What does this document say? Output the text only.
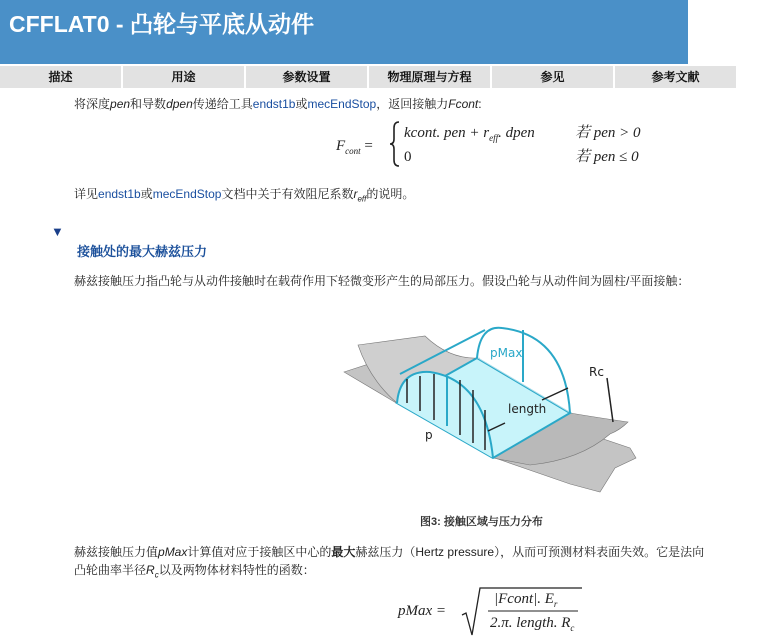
CFFLAT0 - 凸轮与平底从动件
描述	用途	参数设置	物理原理与方程	参见	参考文献
将深度pen和导数dpen传递给工具endst1b或mecEndStop，返回接触力Fcont:
$F_{cont}$ =
kcont. pen + $r_{eff}$. dpen	若 pen > 0
0	若 pen ≤ 0
详见endst1b或mecEndStop文档中关于有效阻尼系数$r_{eff}$的说明。
▼
接触处的最大赫兹压力
赫兹接触压力指凸轮与从动件接触时在载荷作用下轻微变形产生的局部压力。假设凸轮与从动件间为圆柱/平面接触：
pMax
length
p
Rc
图3: 接触区域与压力分布
赫兹接触压力值pMax计算值对应于接触区中心的最大赫兹压力（Hertz pressure），从而可预测材料表面失效。它是法向
凸轮曲率半径$R_c$以及两物体材料特性的函数：
pMax =
|Fcont|. $E_r$
2.π. length. $R_c$
